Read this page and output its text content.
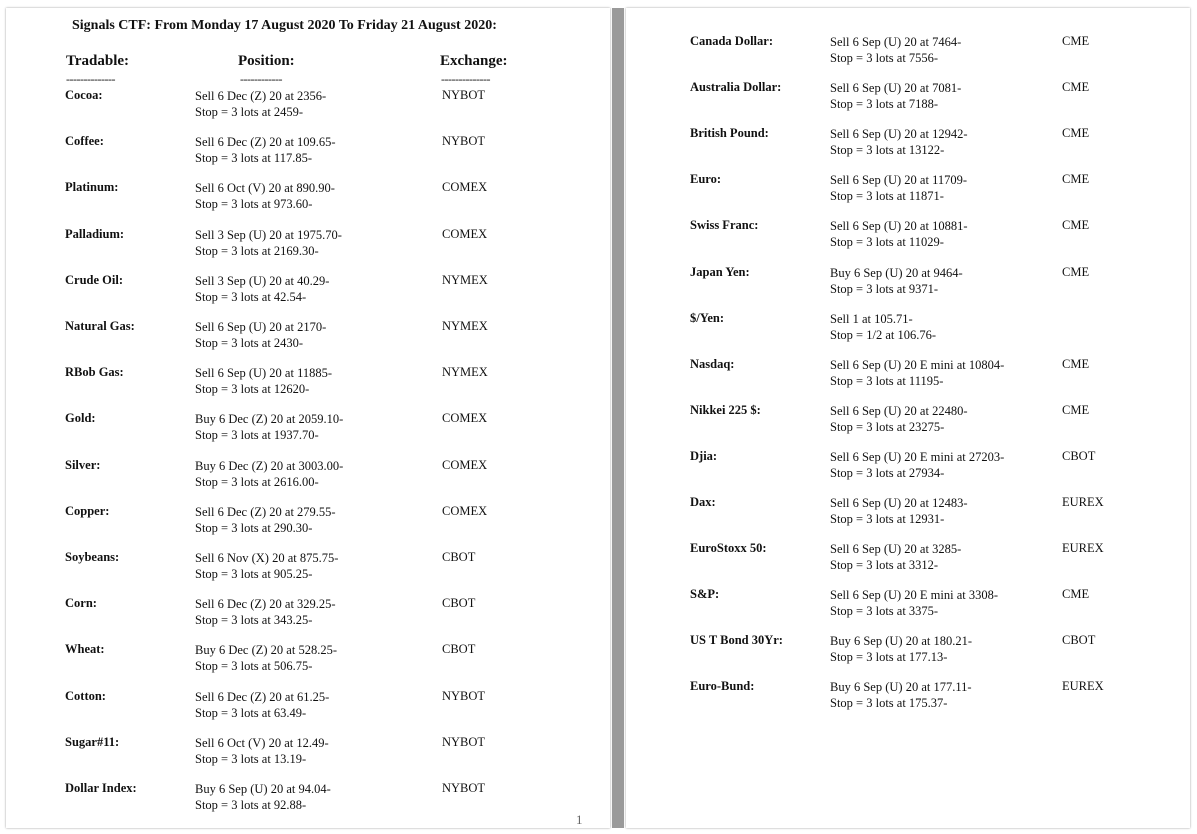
Signals CTF: From Monday 17 August 2020 To Friday 21 August 2020:
Tradable:	Position:	Exchange:
--------------	------------	--------------
Cocoa:	Sell 6 Dec (Z) 20 at 2356-
Stop = 3 lots at 2459-
NYBOT
Coffee:	Sell 6 Dec (Z) 20 at 109.65-
Stop = 3 lots at 117.85-
NYBOT
Platinum:	Sell 6 Oct (V) 20 at 890.90-
Stop = 3 lots at 973.60-
COMEX
Palladium:	Sell 3 Sep (U) 20 at 1975.70-
Stop = 3 lots at 2169.30-
COMEX
Crude Oil:	Sell 3 Sep (U) 20 at 40.29-
Stop = 3 lots at 42.54-
NYMEX
Natural Gas:	Sell 6 Sep (U) 20 at 2170-
Stop = 3 lots at 2430-
NYMEX
RBob Gas:	Sell 6 Sep (U) 20 at 11885-
Stop = 3 lots at 12620-
NYMEX
Gold:	Buy 6 Dec (Z) 20 at 2059.10-
Stop = 3 lots at 1937.70-
COMEX
Silver:	Buy 6 Dec (Z) 20 at 3003.00-
Stop = 3 lots at 2616.00-
COMEX
Copper:	Sell 6 Dec (Z) 20 at 279.55-
Stop = 3 lots at 290.30-
COMEX
Soybeans:	Sell 6 Nov (X) 20 at 875.75-
Stop = 3 lots at 905.25-
CBOT
Corn:	Sell 6 Dec (Z) 20 at 329.25-
Stop = 3 lots at 343.25-
CBOT
Wheat:	Buy 6 Dec (Z) 20 at 528.25-
Stop = 3 lots at 506.75-
CBOT
Cotton:	Sell 6 Dec (Z) 20 at 61.25-
Stop = 3 lots at 63.49-
NYBOT
Sugar#11:	Sell 6 Oct (V) 20 at 12.49-
Stop = 3 lots at 13.19-
NYBOT
Dollar Index:	Buy 6 Sep (U) 20 at 94.04-
Stop = 3 lots at 92.88-
NYBOT
Canada Dollar:	Sell 6 Sep (U) 20 at 7464-
Stop = 3 lots at 7556-
CME
Australia Dollar:	Sell 6 Sep (U) 20 at 7081-
Stop = 3 lots at 7188-
CME
British Pound:	Sell 6 Sep (U) 20 at 12942-
Stop = 3 lots at 13122-
CME
Euro:	Sell 6 Sep (U) 20 at 11709-
Stop = 3 lots at 11871-
CME
Swiss Franc:	Sell 6 Sep (U) 20 at 10881-
Stop = 3 lots at 11029-
CME
Japan Yen:	Buy 6 Sep (U) 20 at 9464-
Stop = 3 lots at 9371-
CME
$/Yen:	Sell 1 at 105.71-
Stop = 1/2 at 106.76-
Nasdaq:	Sell 6 Sep (U) 20 E mini at 10804-
Stop = 3 lots at 11195-
CME
Nikkei 225 $:	Sell 6 Sep (U) 20 at 22480-
Stop = 3 lots at 23275-
CME
Djia:	Sell 6 Sep (U) 20 E mini at 27203-
Stop = 3 lots at 27934-
CBOT
Dax:	Sell 6 Sep (U) 20 at 12483-
Stop = 3 lots at 12931-
EUREX
EuroStoxx 50:	Sell 6 Sep (U) 20 at 3285-
Stop = 3 lots at 3312-
EUREX
S&P:	Sell 6 Sep (U) 20 E mini at 3308-
Stop = 3 lots at 3375-
CME
US T Bond 30Yr:	Buy 6 Sep (U) 20 at 180.21-
Stop = 3 lots at 177.13-
CBOT
Euro-Bund:	Buy 6 Sep (U) 20 at 177.11-
Stop = 3 lots at 175.37-
EUREX
1
